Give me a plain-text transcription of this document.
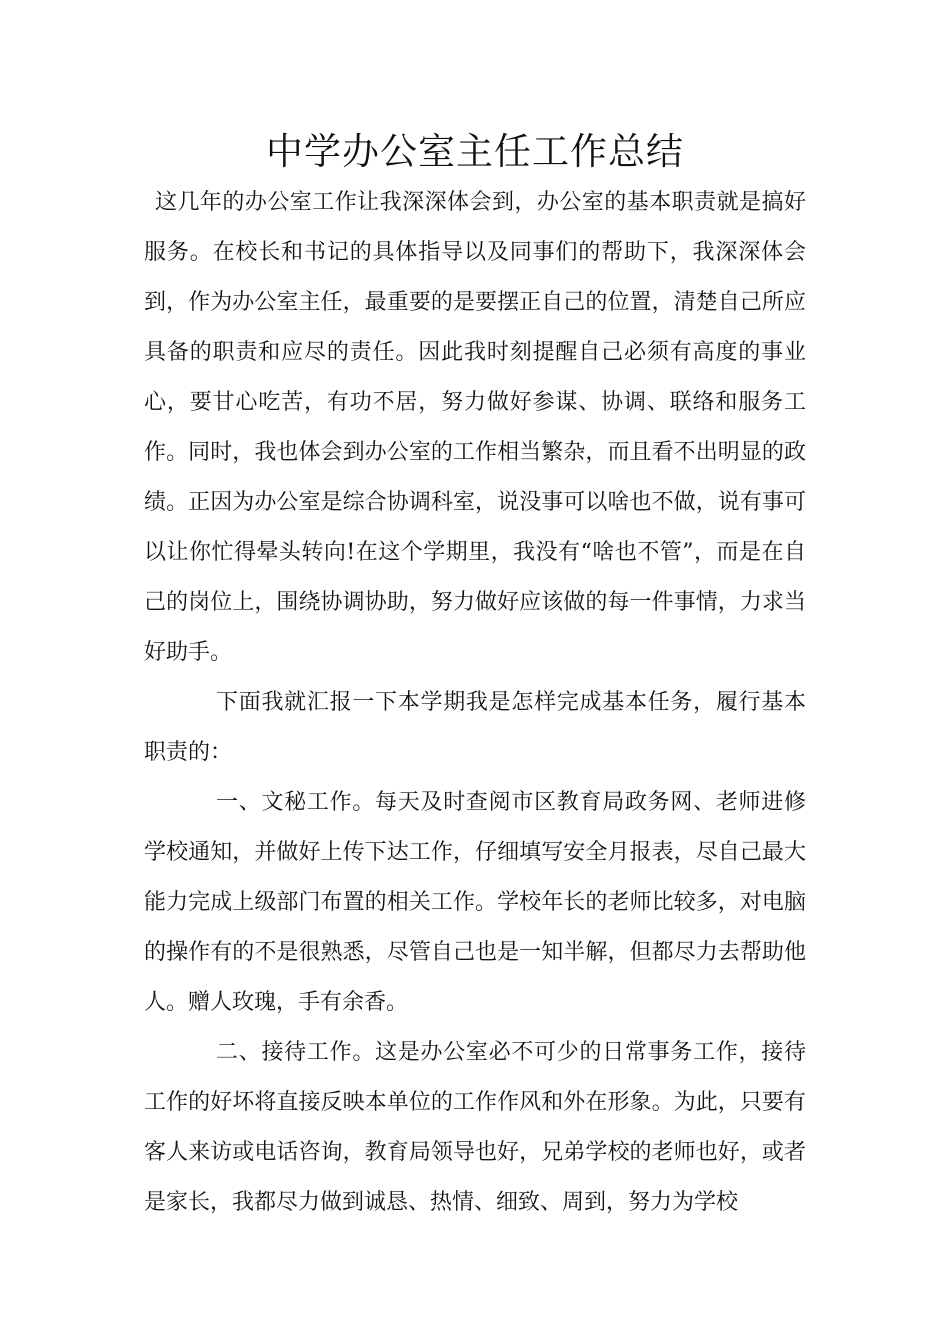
中学办公室主任工作总结

这几年的办公室工作让我深深体会到，办公室的基本职责就是搞好服务。在校长和书记的具体指导以及同事们的帮助下，我深深体会到，作为办公室主任，最重要的是要摆正自己的位置，清楚自己所应具备的职责和应尽的责任。因此我时刻提醒自己必须有高度的事业心，要甘心吃苦，有功不居，努力做好参谋、协调、联络和服务工作。同时，我也体会到办公室的工作相当繁杂，而且看不出明显的政绩。正因为办公室是综合协调科室，说没事可以啥也不做，说有事可以让你忙得晕头转向!在这个学期里，我没有“啥也不管”，而是在自己的岗位上，围绕协调协助，努力做好应该做的每一件事情，力求当好助手。

下面我就汇报一下本学期我是怎样完成基本任务，履行基本职责的：

一、文秘工作。每天及时查阅市区教育局政务网、老师进修学校通知，并做好上传下达工作，仔细填写安全月报表，尽自己最大能力完成上级部门布置的相关工作。学校年长的老师比较多，对电脑的操作有的不是很熟悉，尽管自己也是一知半解，但都尽力去帮助他人。赠人玫瑰，手有余香。

二、接待工作。这是办公室必不可少的日常事务工作，接待工作的好坏将直接反映本单位的工作作风和外在形象。为此，只要有客人来访或电话咨询，教育局领导也好，兄弟学校的老师也好，或者是家长，我都尽力做到诚恳、热情、细致、周到，努力为学校
